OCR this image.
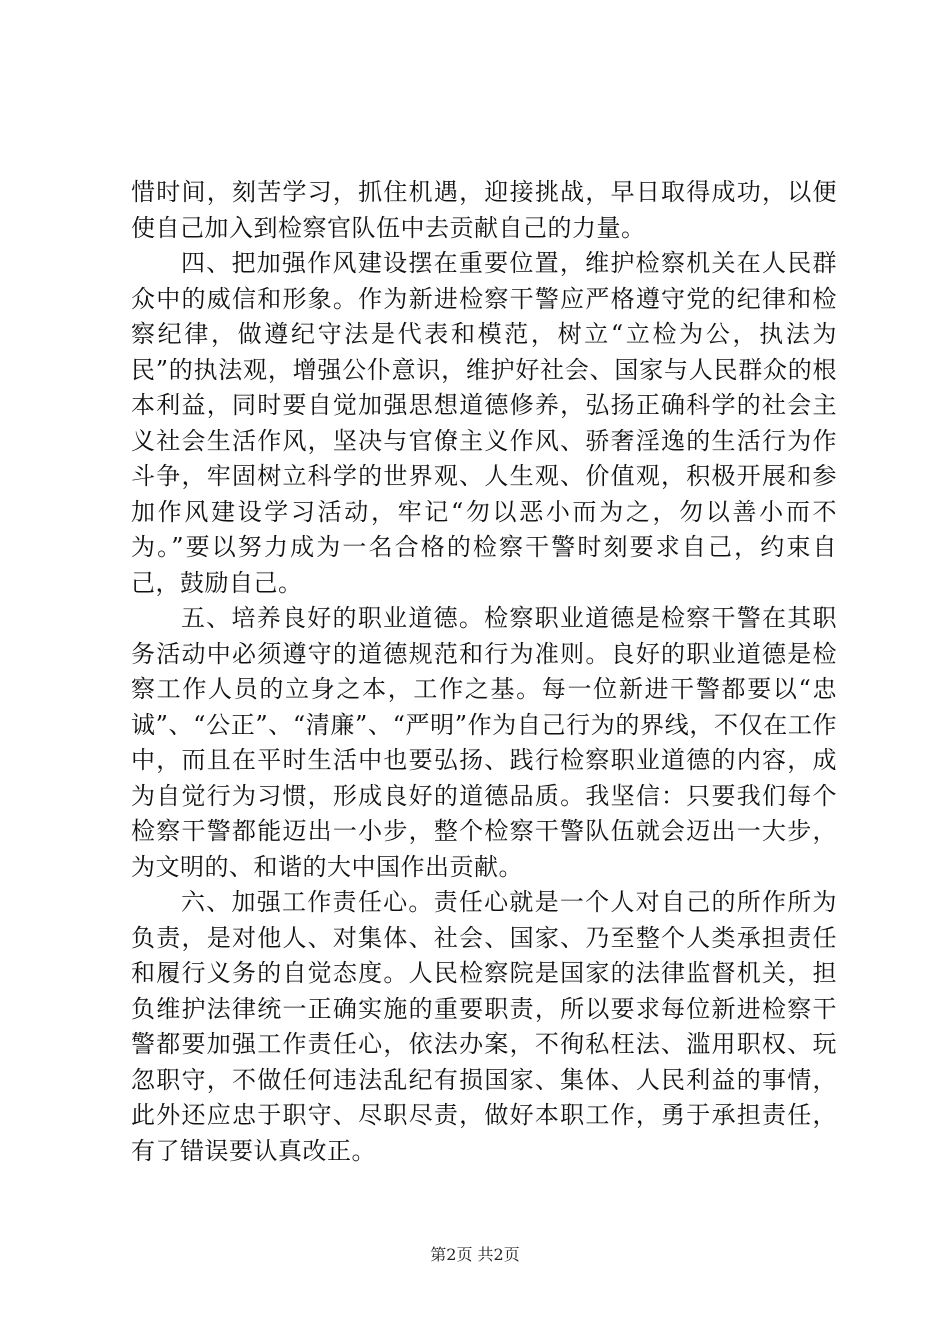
惜时间，刻苦学习，抓住机遇，迎接挑战，早日取得成功，以便使自己加入到检察官队伍中去贡献自己的力量。

四、把加强作风建设摆在重要位置，维护检察机关在人民群众中的威信和形象。作为新进检察干警应严格遵守党的纪律和检察纪律，做遵纪守法是代表和模范，树立“立检为公，执法为民”的执法观，增强公仆意识，维护好社会、国家与人民群众的根本利益，同时要自觉加强思想道德修养，弘扬正确科学的社会主义社会生活作风，坚决与官僚主义作风、骄奢淫逸的生活行为作斗争，牢固树立科学的世界观、人生观、价值观，积极开展和参加作风建设学习活动，牢记“勿以恶小而为之，勿以善小而不为。”要以努力成为一名合格的检察干警时刻要求自己，约束自己，鼓励自己。

五、培养良好的职业道德。检察职业道德是检察干警在其职务活动中必须遵守的道德规范和行为准则。良好的职业道德是检察工作人员的立身之本，工作之基。每一位新进干警都要以“忠诚”、“公正”、“清廉”、“严明”作为自己行为的界线，不仅在工作中，而且在平时生活中也要弘扬、践行检察职业道德的内容，成为自觉行为习惯，形成良好的道德品质。我坚信：只要我们每个检察干警都能迈出一小步，整个检察干警队伍就会迈出一大步，为文明的、和谐的大中国作出贡献。

六、加强工作责任心。责任心就是一个人对自己的所作所为负责，是对他人、对集体、社会、国家、乃至整个人类承担责任和履行义务的自觉态度。人民检察院是国家的法律监督机关，担负维护法律统一正确实施的重要职责，所以要求每位新进检察干警都要加强工作责任心，依法办案，不徇私枉法、滥用职权、玩忽职守，不做任何违法乱纪有损国家、集体、人民利益的事情，此外还应忠于职守、尽职尽责，做好本职工作，勇于承担责任，有了错误要认真改正。

第2页 共2页
